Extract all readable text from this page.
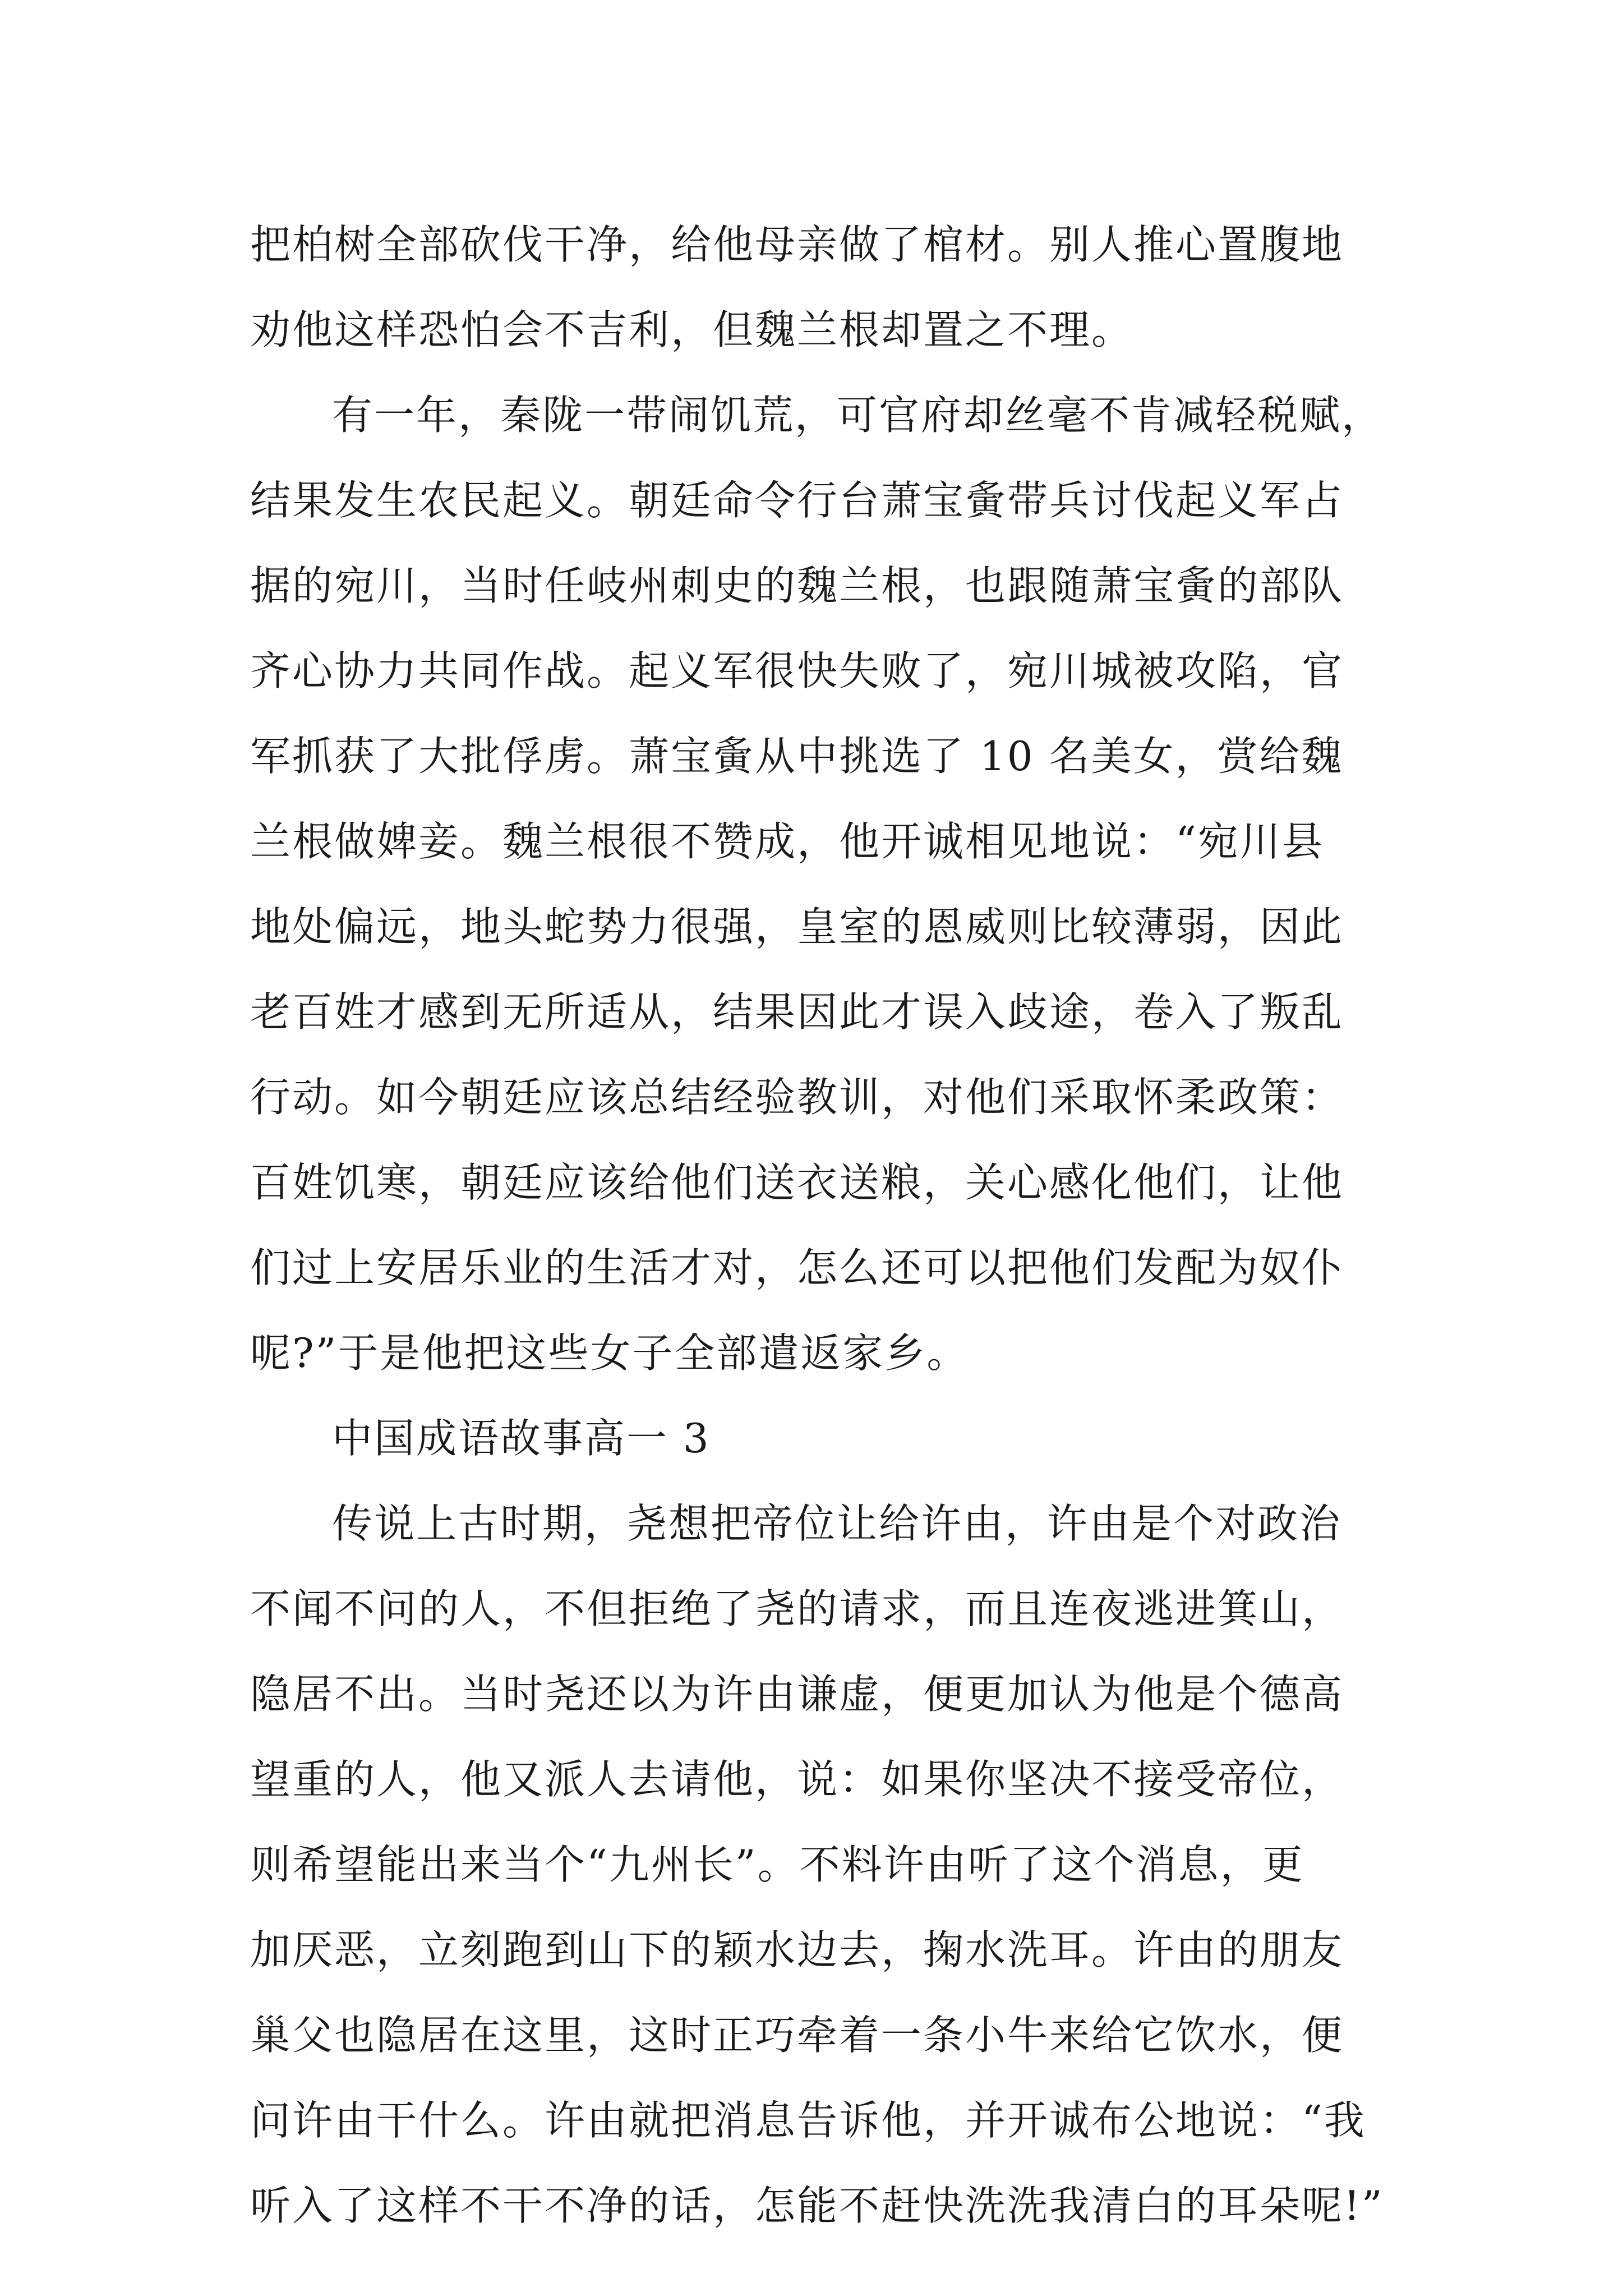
把柏树全部砍伐干净，给他母亲做了棺材。别人推心置腹地
劝他这样恐怕会不吉利，但魏兰根却置之不理。
有一年，秦陇一带闹饥荒，可官府却丝毫不肯减轻税赋，
结果发生农民起义。朝廷命令行台萧宝夤带兵讨伐起义军占
据的宛川，当时任岐州刺史的魏兰根，也跟随萧宝夤的部队
齐心协力共同作战。起义军很快失败了，宛川城被攻陷，官
军抓获了大批俘虏。萧宝夤从中挑选了 10 名美女，赏给魏
兰根做婢妾。魏兰根很不赞成，他开诚相见地说：“宛川县
地处偏远，地头蛇势力很强，皇室的恩威则比较薄弱，因此
老百姓才感到无所适从，结果因此才误入歧途，卷入了叛乱
行动。如今朝廷应该总结经验教训，对他们采取怀柔政策：
百姓饥寒，朝廷应该给他们送衣送粮，关心感化他们，让他
们过上安居乐业的生活才对，怎么还可以把他们发配为奴仆
呢?”于是他把这些女子全部遣返家乡。
中国成语故事高一 3
传说上古时期，尧想把帝位让给许由，许由是个对政治
不闻不问的人，不但拒绝了尧的请求，而且连夜逃进箕山，
隐居不出。当时尧还以为许由谦虚，便更加认为他是个德高
望重的人，他又派人去请他，说：如果你坚决不接受帝位，
则希望能出来当个“九州长”。不料许由听了这个消息，更
加厌恶，立刻跑到山下的颖水边去，掬水洗耳。许由的朋友
巢父也隐居在这里，这时正巧牵着一条小牛来给它饮水，便
问许由干什么。许由就把消息告诉他，并开诚布公地说：“我
听入了这样不干不净的话，怎能不赶快洗洗我清白的耳朵呢!”
